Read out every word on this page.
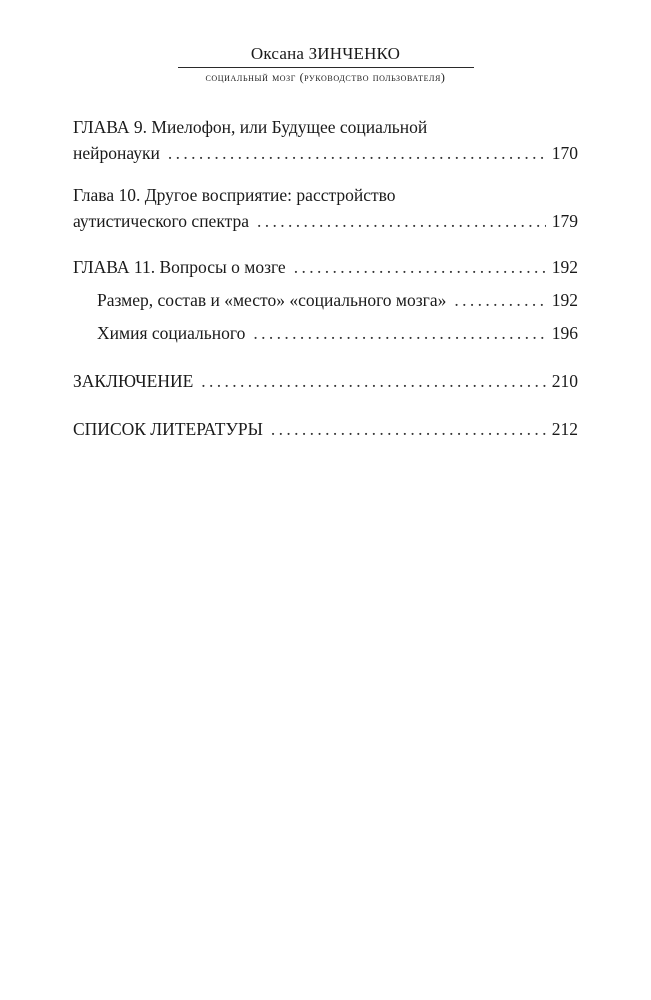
Оксана ЗИНЧЕНКО
социальный мозг (руководство пользователя)
ГЛАВА 9. Миелофон, или Будущее социальной
нейронауки . . .	170
Глава 10. Другое восприятие: расстройство
аутистического спектра . . .	179
ГЛАВА 11. Вопросы о мозге . . .	192
Размер, состав и «место» «социального мозга» . . .	192
Химия социального . . .	196
ЗАКЛЮЧЕНИЕ . . .	210
СПИСОК ЛИТЕРАТУРЫ . . .	212
